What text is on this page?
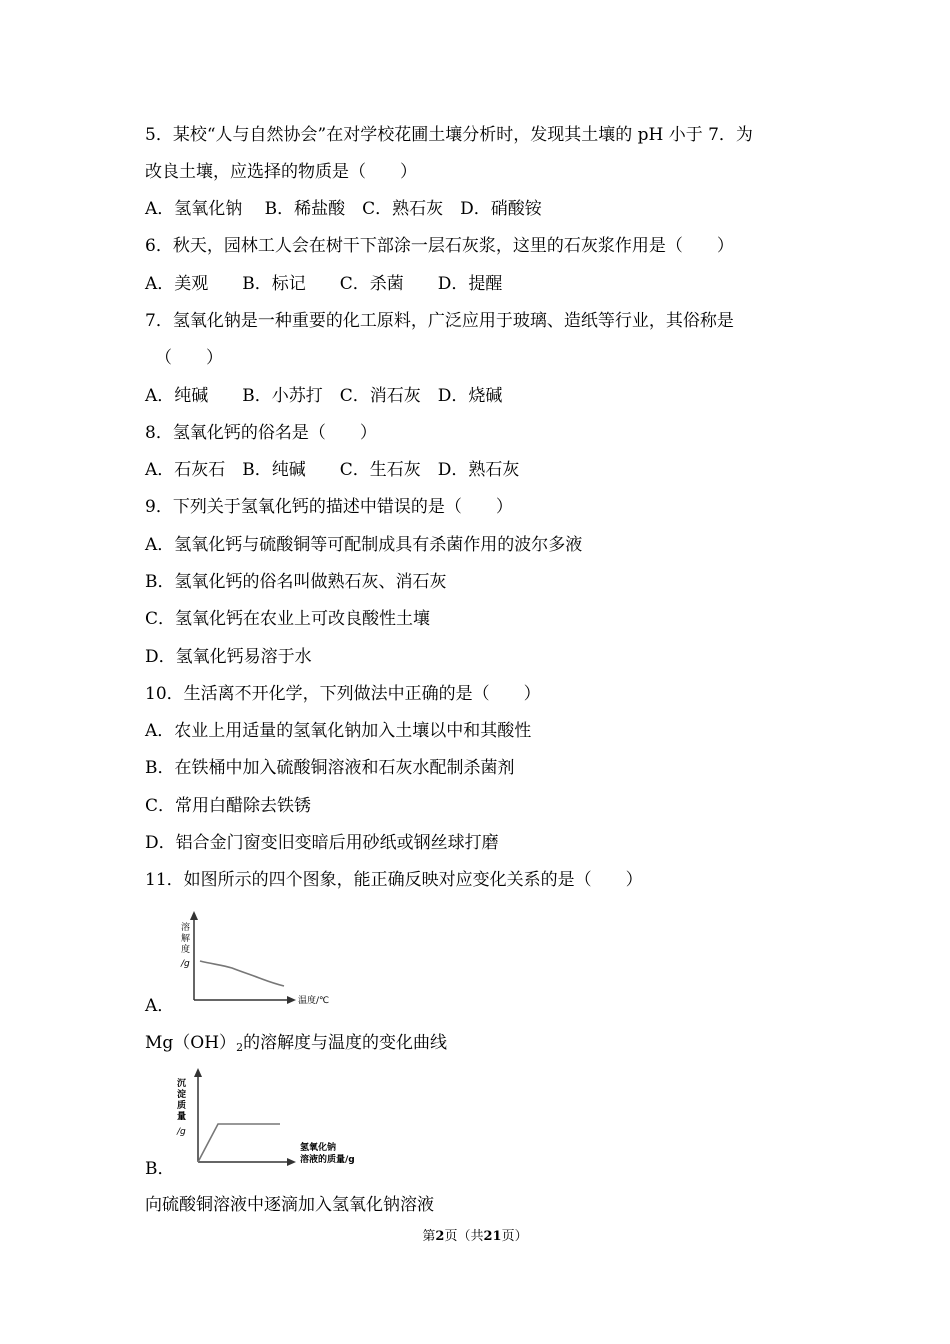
5．某校“人与自然协会”在对学校花圃土壤分析时，发现其土壤的 pH 小于 7．为
改良土壤，应选择的物质是（　　）
A．氢氧化钠　 B．稀盐酸　C．熟石灰　D．硝酸铵
6．秋天，园林工人会在树干下部涂一层石灰浆，这里的石灰浆作用是（　　）
A．美观　　B．标记　　C．杀菌　　D．提醒
7．氢氧化钠是一种重要的化工原料，广泛应用于玻璃、造纸等行业，其俗称是
（　　）
A．纯碱　　B．小苏打　C．消石灰　D．烧碱
8．氢氧化钙的俗名是（　　）
A．石灰石　B．纯碱　　C．生石灰　D．熟石灰
9．下列关于氢氧化钙的描述中错误的是（　　）
A．氢氧化钙与硫酸铜等可配制成具有杀菌作用的波尔多液
B．氢氧化钙的俗名叫做熟石灰、消石灰
C．氢氧化钙在农业上可改良酸性土壤
D．氢氧化钙易溶于水
10．生活离不开化学，下列做法中正确的是（　　）
A．农业上用适量的氢氧化钠加入土壤以中和其酸性
B．在铁桶中加入硫酸铜溶液和石灰水配制杀菌剂
C．常用白醋除去铁锈
D．铝合金门窗变旧变暗后用砂纸或钢丝球打磨
11．如图所示的四个图象，能正确反映对应变化关系的是（　　）
溶
解
度
/g
温度/℃
A．
$Mg(OH)_2$的溶解度与温度的变化曲线
沉
淀
质
量
/g
氢氧化钠
溶液的质量/g
B．
向硫酸铜溶液中逐滴加入氢氧化钠溶液
第2页（共21页）
